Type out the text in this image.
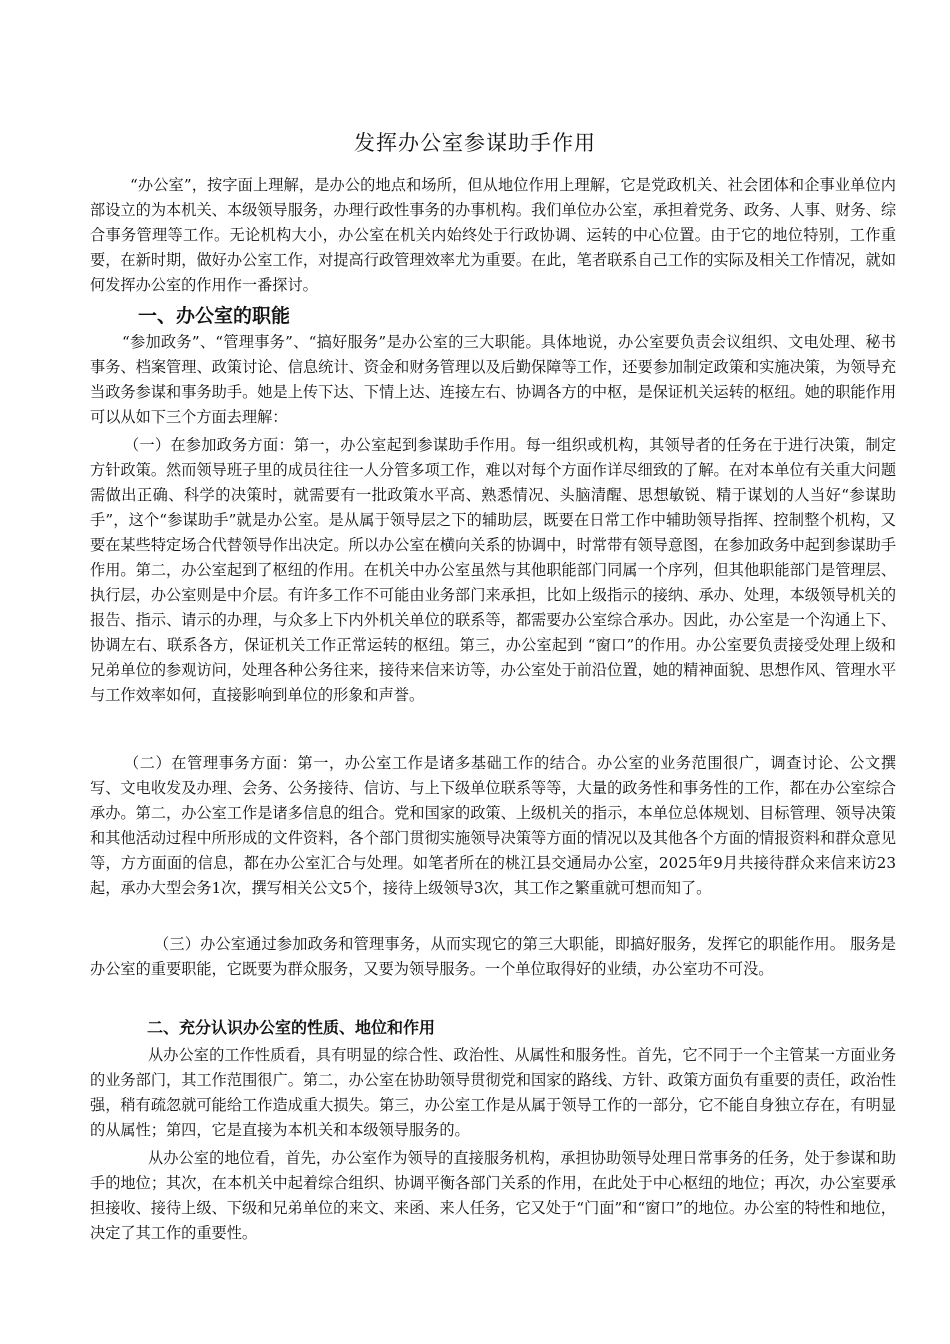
发挥办公室参谋助手作用

“办公室”，按字面上理解，是办公的地点和场所，但从地位作用上理解，它是党政机关、社会团体和企事业单位内部设立的为本机关、本级领导服务，办理行政性事务的办事机构。我们单位办公室，承担着党务、政务、人事、财务、综合事务管理等工作。无论机构大小，办公室在机关内始终处于行政协调、运转的中心位置。由于它的地位特别，工作重要，在新时期，做好办公室工作，对提高行政管理效率尤为重要。在此，笔者联系自己工作的实际及相关工作情况，就如何发挥办公室的作用作一番探讨。

一、办公室的职能

“参加政务”、“管理事务”、“搞好服务”是办公室的三大职能。具体地说，办公室要负责会议组织、文电处理、秘书事务、档案管理、政策讨论、信息统计、资金和财务管理以及后勤保障等工作，还要参加制定政策和实施决策，为领导充当政务参谋和事务助手。她是上传下达、下情上达、连接左右、协调各方的中枢，是保证机关运转的枢纽。她的职能作用可以从如下三个方面去理解：

（一）在参加政务方面：第一，办公室起到参谋助手作用。每一组织或机构，其领导者的任务在于进行决策，制定方针政策。然而领导班子里的成员往往一人分管多项工作，难以对每个方面作详尽细致的了解。在对本单位有关重大问题需做出正确、科学的决策时，就需要有一批政策水平高、熟悉情况、头脑清醒、思想敏锐、精于谋划的人当好“参谋助手”，这个“参谋助手”就是办公室。是从属于领导层之下的辅助层，既要在日常工作中辅助领导指挥、控制整个机构，又要在某些特定场合代替领导作出决定。所以办公室在横向关系的协调中，时常带有领导意图，在参加政务中起到参谋助手作用。第二，办公室起到了枢纽的作用。在机关中办公室虽然与其他职能部门同属一个序列，但其他职能部门是管理层、执行层，办公室则是中介层。有许多工作不可能由业务部门来承担，比如上级指示的接纳、承办、处理，本级领导机关的报告、指示、请示的办理，与众多上下内外机关单位的联系等，都需要办公室综合承办。因此，办公室是一个沟通上下、协调左右、联系各方，保证机关工作正常运转的枢纽。第三，办公室起到 “窗口”的作用。办公室要负责接受处理上级和兄弟单位的参观访问，处理各种公务往来，接待来信来访等，办公室处于前沿位置，她的精神面貌、思想作风、管理水平与工作效率如何，直接影响到单位的形象和声誉。

（二）在管理事务方面：第一，办公室工作是诸多基础工作的结合。办公室的业务范围很广，调查讨论、公文撰写、文电收发及办理、会务、公务接待、信访、与上下级单位联系等等，大量的政务性和事务性的工作，都在办公室综合承办。第二，办公室工作是诸多信息的组合。党和国家的政策、上级机关的指示，本单位总体规划、目标管理、领导决策和其他活动过程中所形成的文件资料，各个部门贯彻实施领导决策等方面的情况以及其他各个方面的情报资料和群众意见等，方方面面的信息，都在办公室汇合与处理。如笔者所在的桃江县交通局办公室，2025年9月共接待群众来信来访23起，承办大型会务1次，撰写相关公文5个，接待上级领导3次，其工作之繁重就可想而知了。

（三）办公室通过参加政务和管理事务，从而实现它的第三大职能，即搞好服务，发挥它的职能作用。 服务是办公室的重要职能，它既要为群众服务，又要为领导服务。一个单位取得好的业绩，办公室功不可没。

二、充分认识办公室的性质、地位和作用

从办公室的工作性质看，具有明显的综合性、政治性、从属性和服务性。首先，它不同于一个主管某一方面业务的业务部门，其工作范围很广。第二，办公室在协助领导贯彻党和国家的路线、方针、政策方面负有重要的责任，政治性强，稍有疏忽就可能给工作造成重大损失。第三，办公室工作是从属于领导工作的一部分，它不能自身独立存在，有明显的从属性；第四，它是直接为本机关和本级领导服务的。

从办公室的地位看，首先，办公室作为领导的直接服务机构，承担协助领导处理日常事务的任务，处于参谋和助手的地位；其次，在本机关中起着综合组织、协调平衡各部门关系的作用，在此处于中心枢纽的地位；再次，办公室要承担接收、接待上级、下级和兄弟单位的来文、来函、来人任务，它又处于“门面”和“窗口”的地位。办公室的特性和地位，决定了其工作的重要性。
